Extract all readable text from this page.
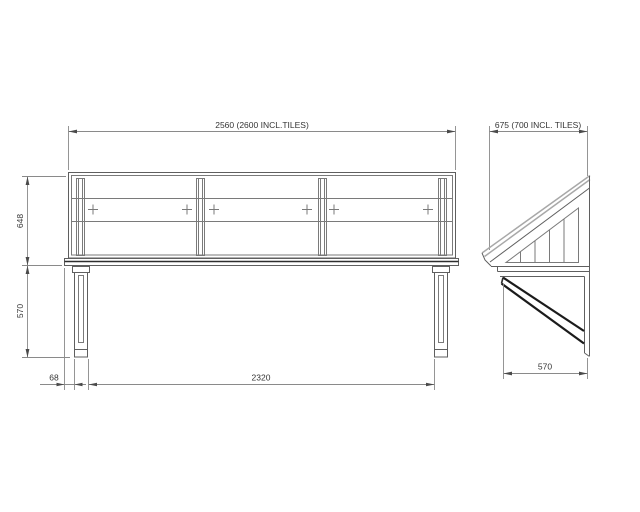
2560 (2600 INCL.TILES)
648
570
68	2320
675 (700 INCL. TILES)
570
